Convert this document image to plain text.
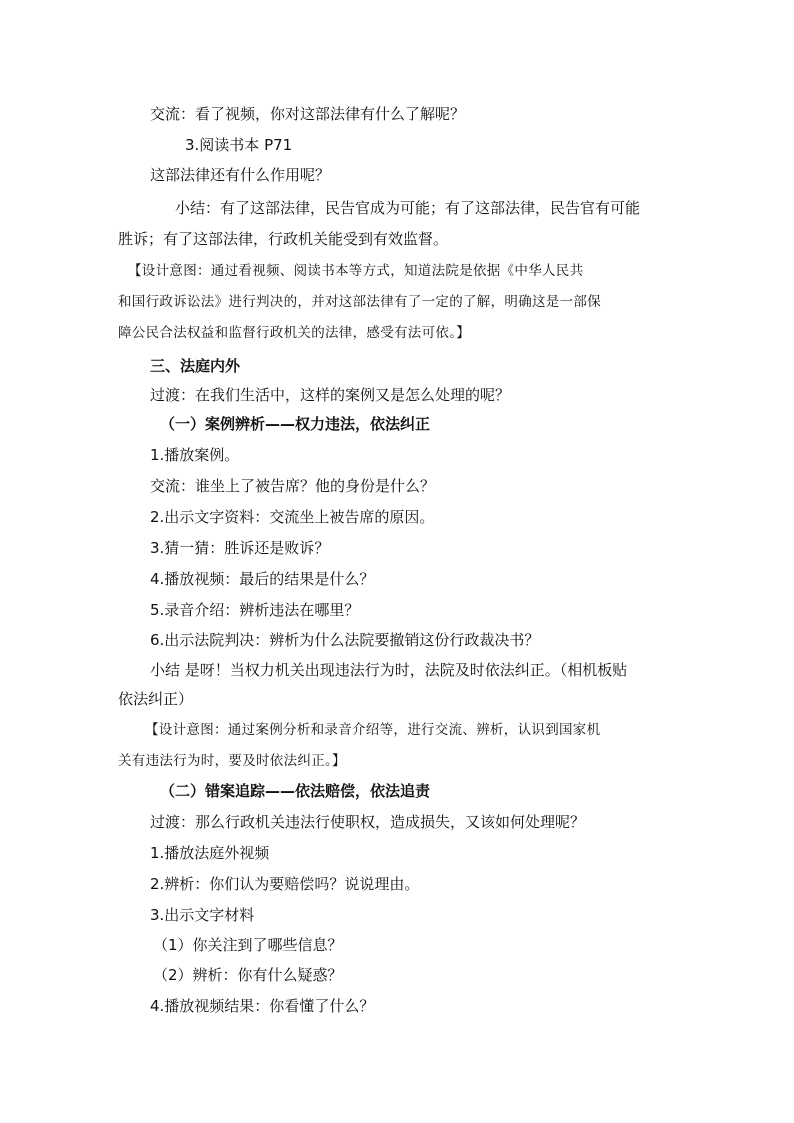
交流：看了视频，你对这部法律有什么了解呢？
3.阅读书本 P71
这部法律还有什么作用呢？
小结：有了这部法律，民告官成为可能；有了这部法律，民告官有可能
胜诉；有了这部法律，行政机关能受到有效监督。
【设计意图：通过看视频、阅读书本等方式，知道法院是依据《中华人民共
和国行政诉讼法》进行判决的，并对这部法律有了一定的了解，明确这是一部保
障公民合法权益和监督行政机关的法律，感受有法可依。】
三、法庭内外
过渡：在我们生活中，这样的案例又是怎么处理的呢？
（一）案例辨析——权力违法，依法纠正
1.播放案例。
交流：谁坐上了被告席？他的身份是什么？
2.出示文字资料：交流坐上被告席的原因。
3.猜一猜：胜诉还是败诉？
4.播放视频：最后的结果是什么？
5.录音介绍：辨析违法在哪里？
6.出示法院判决：辨析为什么法院要撤销这份行政裁决书？
小结 是呀！当权力机关出现违法行为时，法院及时依法纠正。（相机板贴
依法纠正）
【设计意图：通过案例分析和录音介绍等，进行交流、辨析，认识到国家机
关有违法行为时，要及时依法纠正。】
（二）错案追踪——依法赔偿，依法追责
过渡：那么行政机关违法行使职权，造成损失，又该如何处理呢？
1.播放法庭外视频
2.辨析：你们认为要赔偿吗？说说理由。
3.出示文字材料
（1）你关注到了哪些信息？
（2）辨析：你有什么疑惑？
4.播放视频结果：你看懂了什么？
